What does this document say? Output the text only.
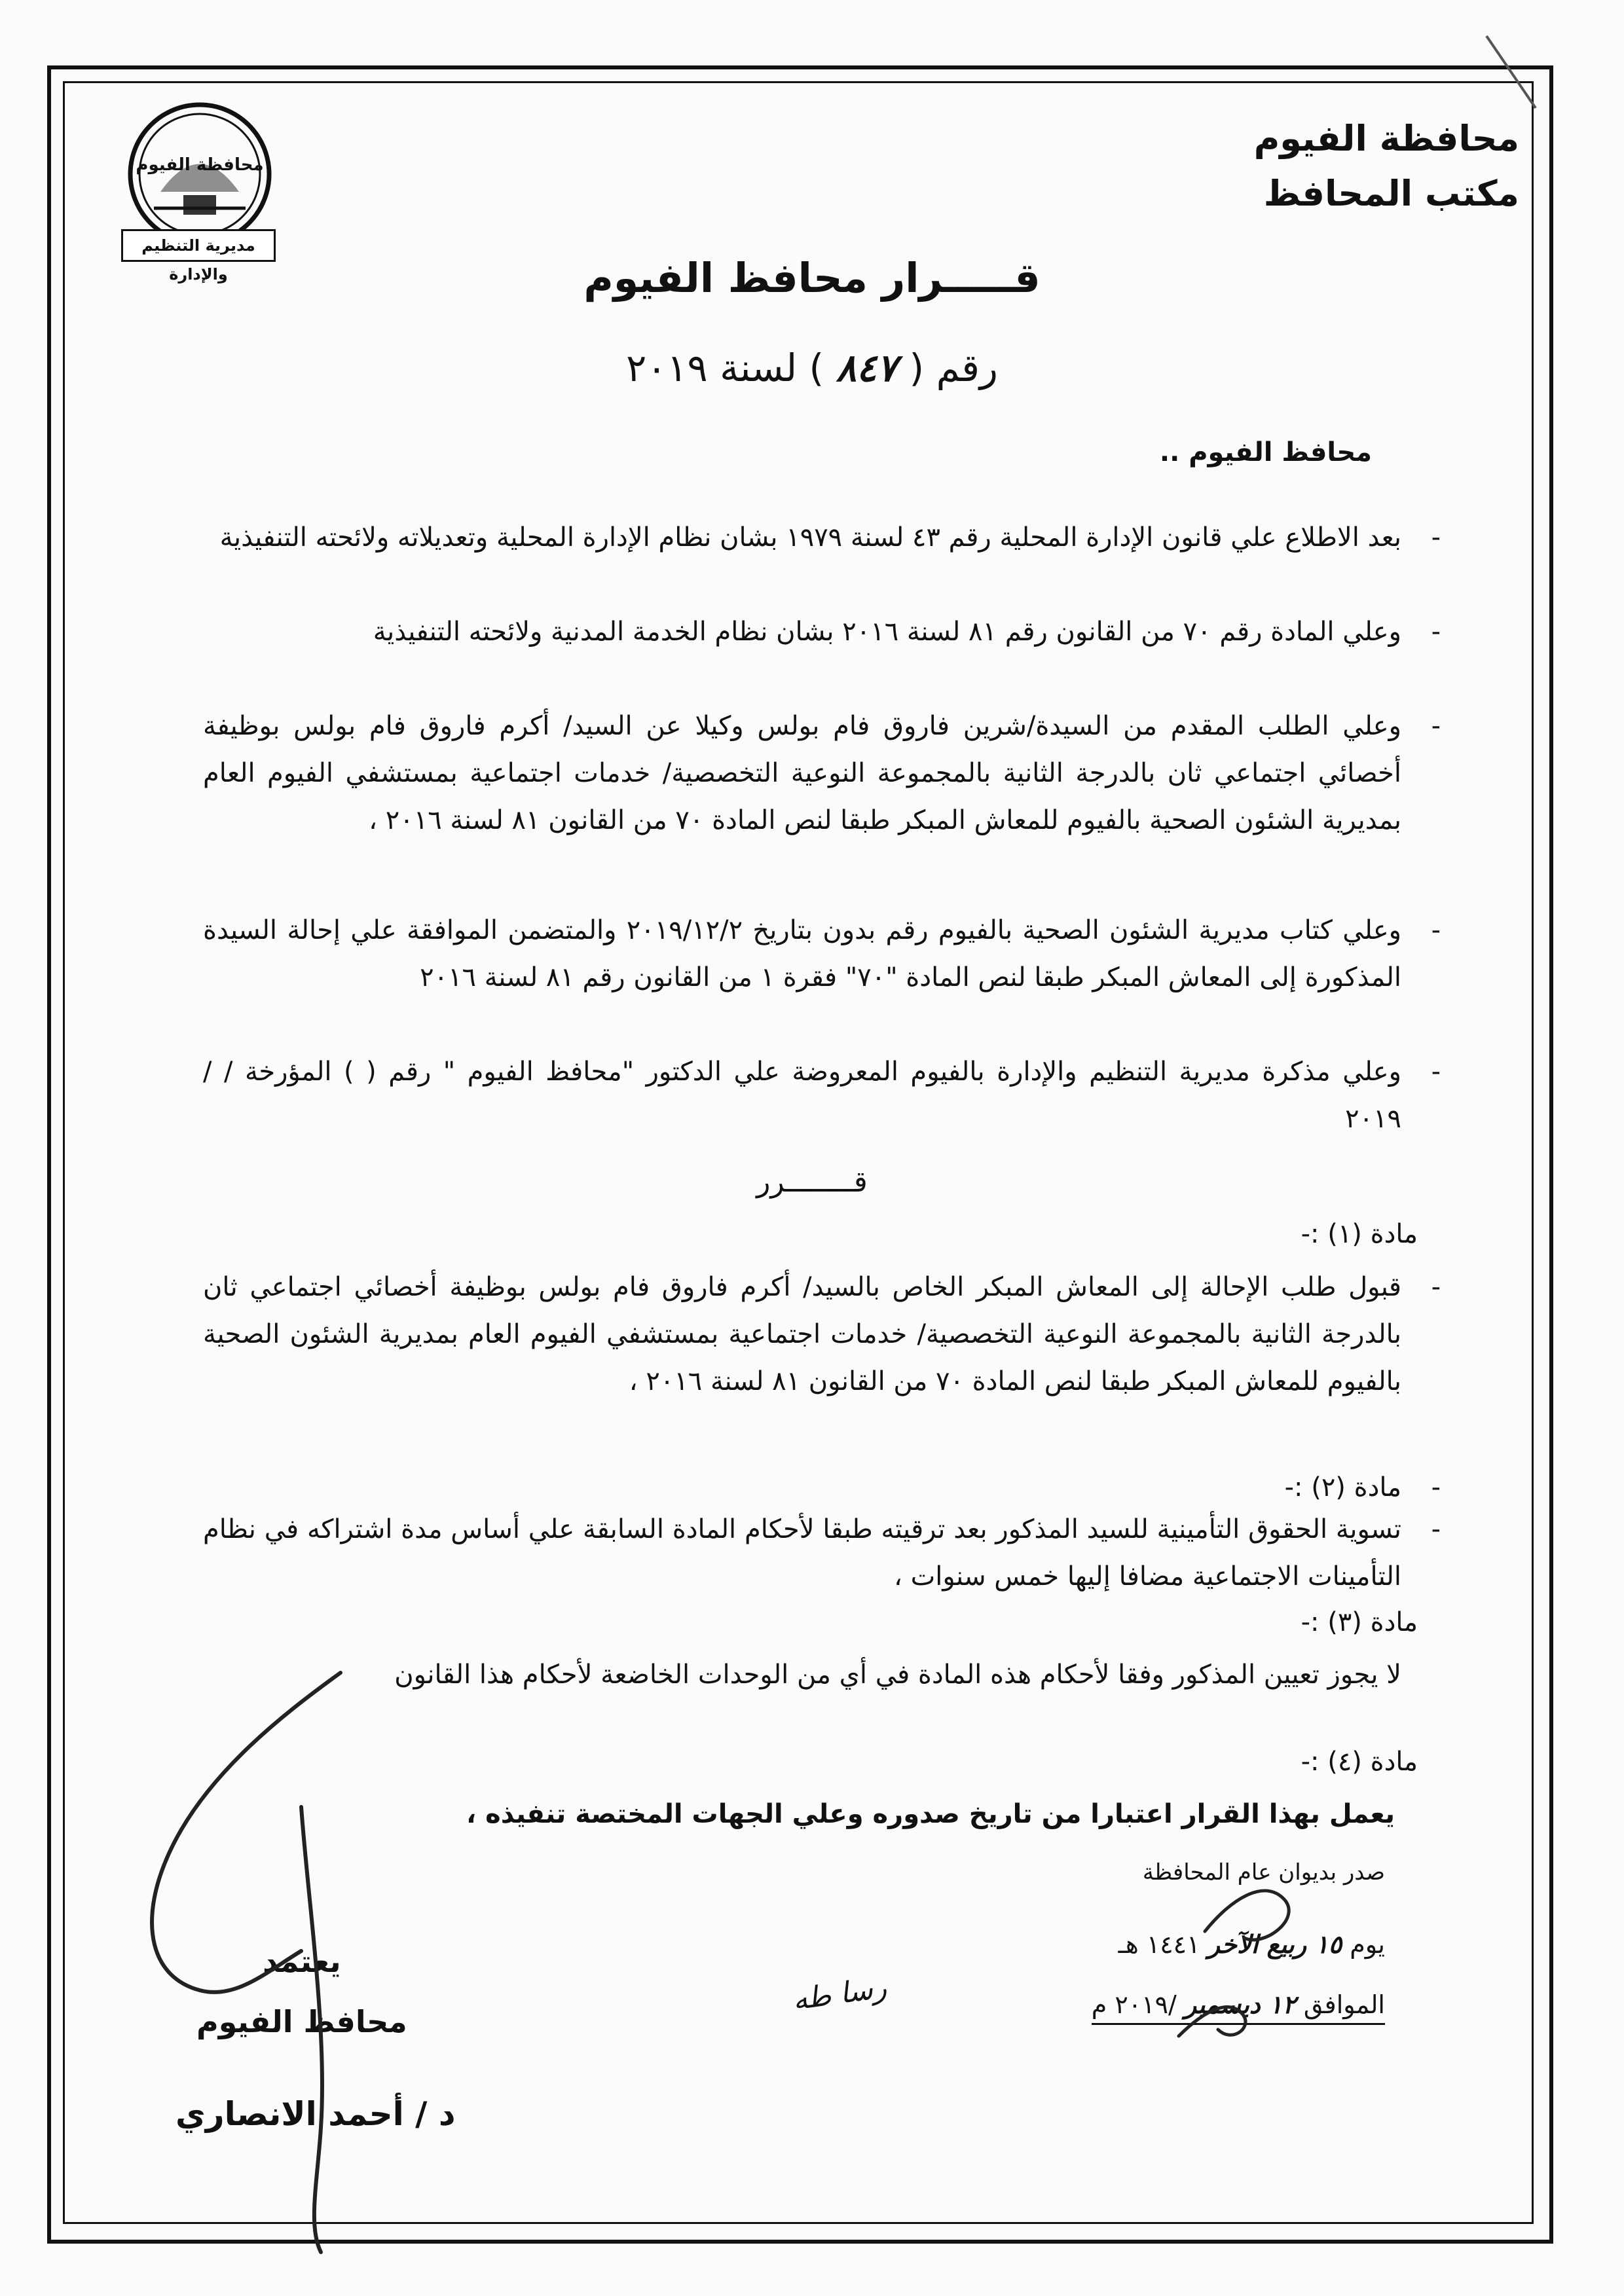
محافظة الفيوم
مديرية التنظيم والإدارة
محافظة الفيوم
مكتب المحافظ
قـــــرار محافظ الفيوم
رقم ( ٨٤٧ ) لسنة ٢٠١٩
محافظ الفيوم ..
-

بعد الاطلاع علي قانون الإدارة المحلية رقم ٤٣ لسنة ١٩٧٩ بشان نظام الإدارة المحلية وتعديلاته ولائحته التنفيذية

-

وعلي المادة رقم ٧٠ من القانون رقم ٨١ لسنة ٢٠١٦ بشان نظام الخدمة المدنية ولائحته التنفيذية

-

وعلي الطلب المقدم من السيدة/شرين فاروق فام بولس وكيلا عن السيد/ أكرم فاروق فام بولس بوظيفة أخصائي اجتماعي ثان بالدرجة الثانية بالمجموعة النوعية التخصصية/ خدمات اجتماعية بمستشفي الفيوم العام بمديرية الشئون الصحية بالفيوم للمعاش المبكر طبقا لنص المادة ٧٠ من القانون ٨١ لسنة ٢٠١٦ ،

-

وعلي كتاب مديرية الشئون الصحية بالفيوم رقم بدون بتاريخ ٢٠١٩/١٢/٢ والمتضمن الموافقة علي إحالة السيدة المذكورة إلى المعاش المبكر طبقا لنص المادة "٧٠" فقرة ١ من القانون رقم ٨١ لسنة ٢٠١٦

-

وعلي مذكرة مديرية التنظيم والإدارة بالفيوم المعروضة علي الدكتور "محافظ الفيوم " رقم ( ) المؤرخة / / ٢٠١٩

قــــــــرر
مادة (١) :-
-

قبول طلب الإحالة إلى المعاش المبكر الخاص بالسيد/ أكرم فاروق فام بولس بوظيفة أخصائي اجتماعي ثان بالدرجة الثانية بالمجموعة النوعية التخصصية/ خدمات اجتماعية بمستشفي الفيوم العام بمديرية الشئون الصحية بالفيوم للمعاش المبكر طبقا لنص المادة ٧٠ من القانون ٨١ لسنة ٢٠١٦ ،

-

مادة (٢) :-

-

تسوية الحقوق التأمينية للسيد المذكور بعد ترقيته طبقا لأحكام المادة السابقة علي أساس مدة اشتراكه في نظام التأمينات الاجتماعية مضافا إليها خمس سنوات ،

مادة (٣) :-

لا يجوز تعيين المذكور وفقا لأحكام هذه المادة في أي من الوحدات الخاضعة لأحكام هذا القانون

مادة (٤) :-

يعمل بهذا القرار اعتبارا من تاريخ صدوره وعلي الجهات المختصة تنفيذه ،

صدر بديوان عام المحافظة
يوم ١٥ ربيع الآخر ١٤٤١ هـ
الموافق ١٢ ديسمبر /٢٠١٩ م
رسا طه
يعتمد
محافظ الفيوم
د / أحمد الانصاري
